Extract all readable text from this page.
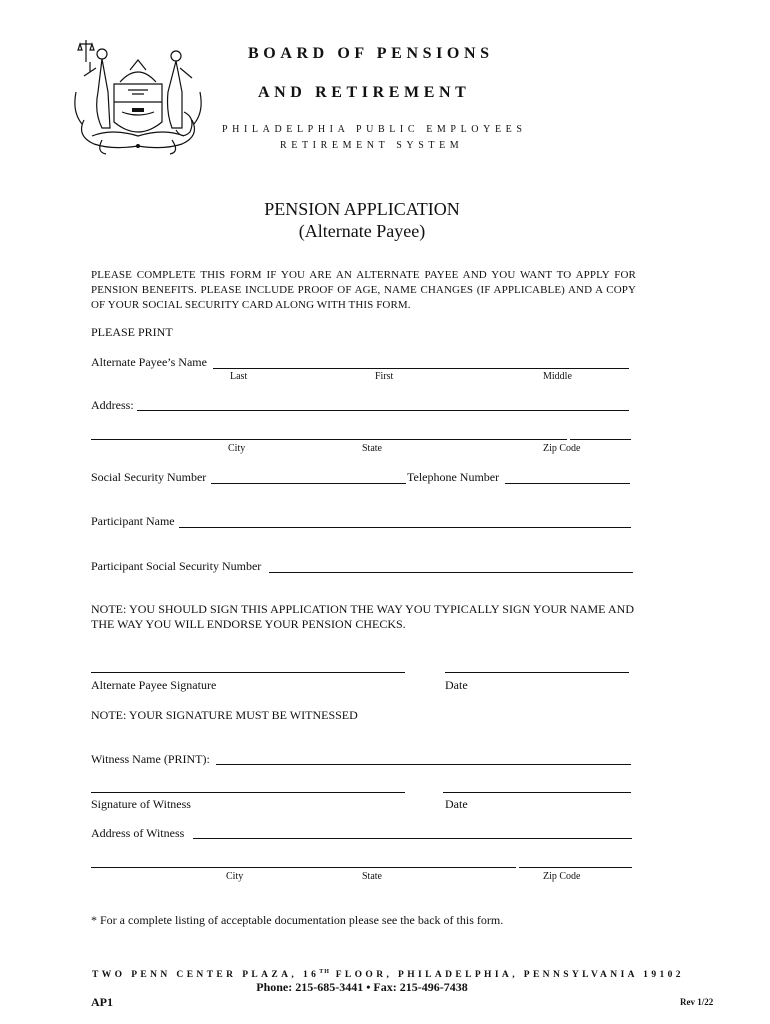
BOARD OF PENSIONS
AND RETIREMENT
PHILADELPHIA PUBLIC EMPLOYEES
RETIREMENT SYSTEM
PENSION APPLICATION
(Alternate Payee)
PLEASE COMPLETE THIS FORM IF YOU ARE AN ALTERNATE PAYEE AND YOU WANT TO APPLY FOR PENSION BENEFITS. PLEASE INCLUDE PROOF OF AGE, NAME CHANGES (IF APPLICABLE) AND A COPY OF YOUR SOCIAL SECURITY CARD ALONG WITH THIS FORM.
PLEASE PRINT
Alternate Payee’s Name
Last	First	Middle
Address:
City	State	Zip Code
Social Security Number	Telephone Number
Participant Name
Participant Social Security Number
NOTE: YOU SHOULD SIGN THIS APPLICATION THE WAY YOU TYPICALLY SIGN YOUR NAME AND THE WAY YOU WILL ENDORSE YOUR PENSION CHECKS.
Alternate Payee Signature	Date
NOTE: YOUR SIGNATURE MUST BE WITNESSED
Witness Name (PRINT):
Signature of Witness	Date
Address of Witness
City	State	Zip Code
* For a complete listing of acceptable documentation please see the back of this form.
TWO PENN CENTER PLAZA, 16TH FLOOR, PHILADELPHIA, PENNSYLVANIA 19102
Phone: 215-685-3441 • Fax: 215-496-7438
AP1	Rev 1/22
